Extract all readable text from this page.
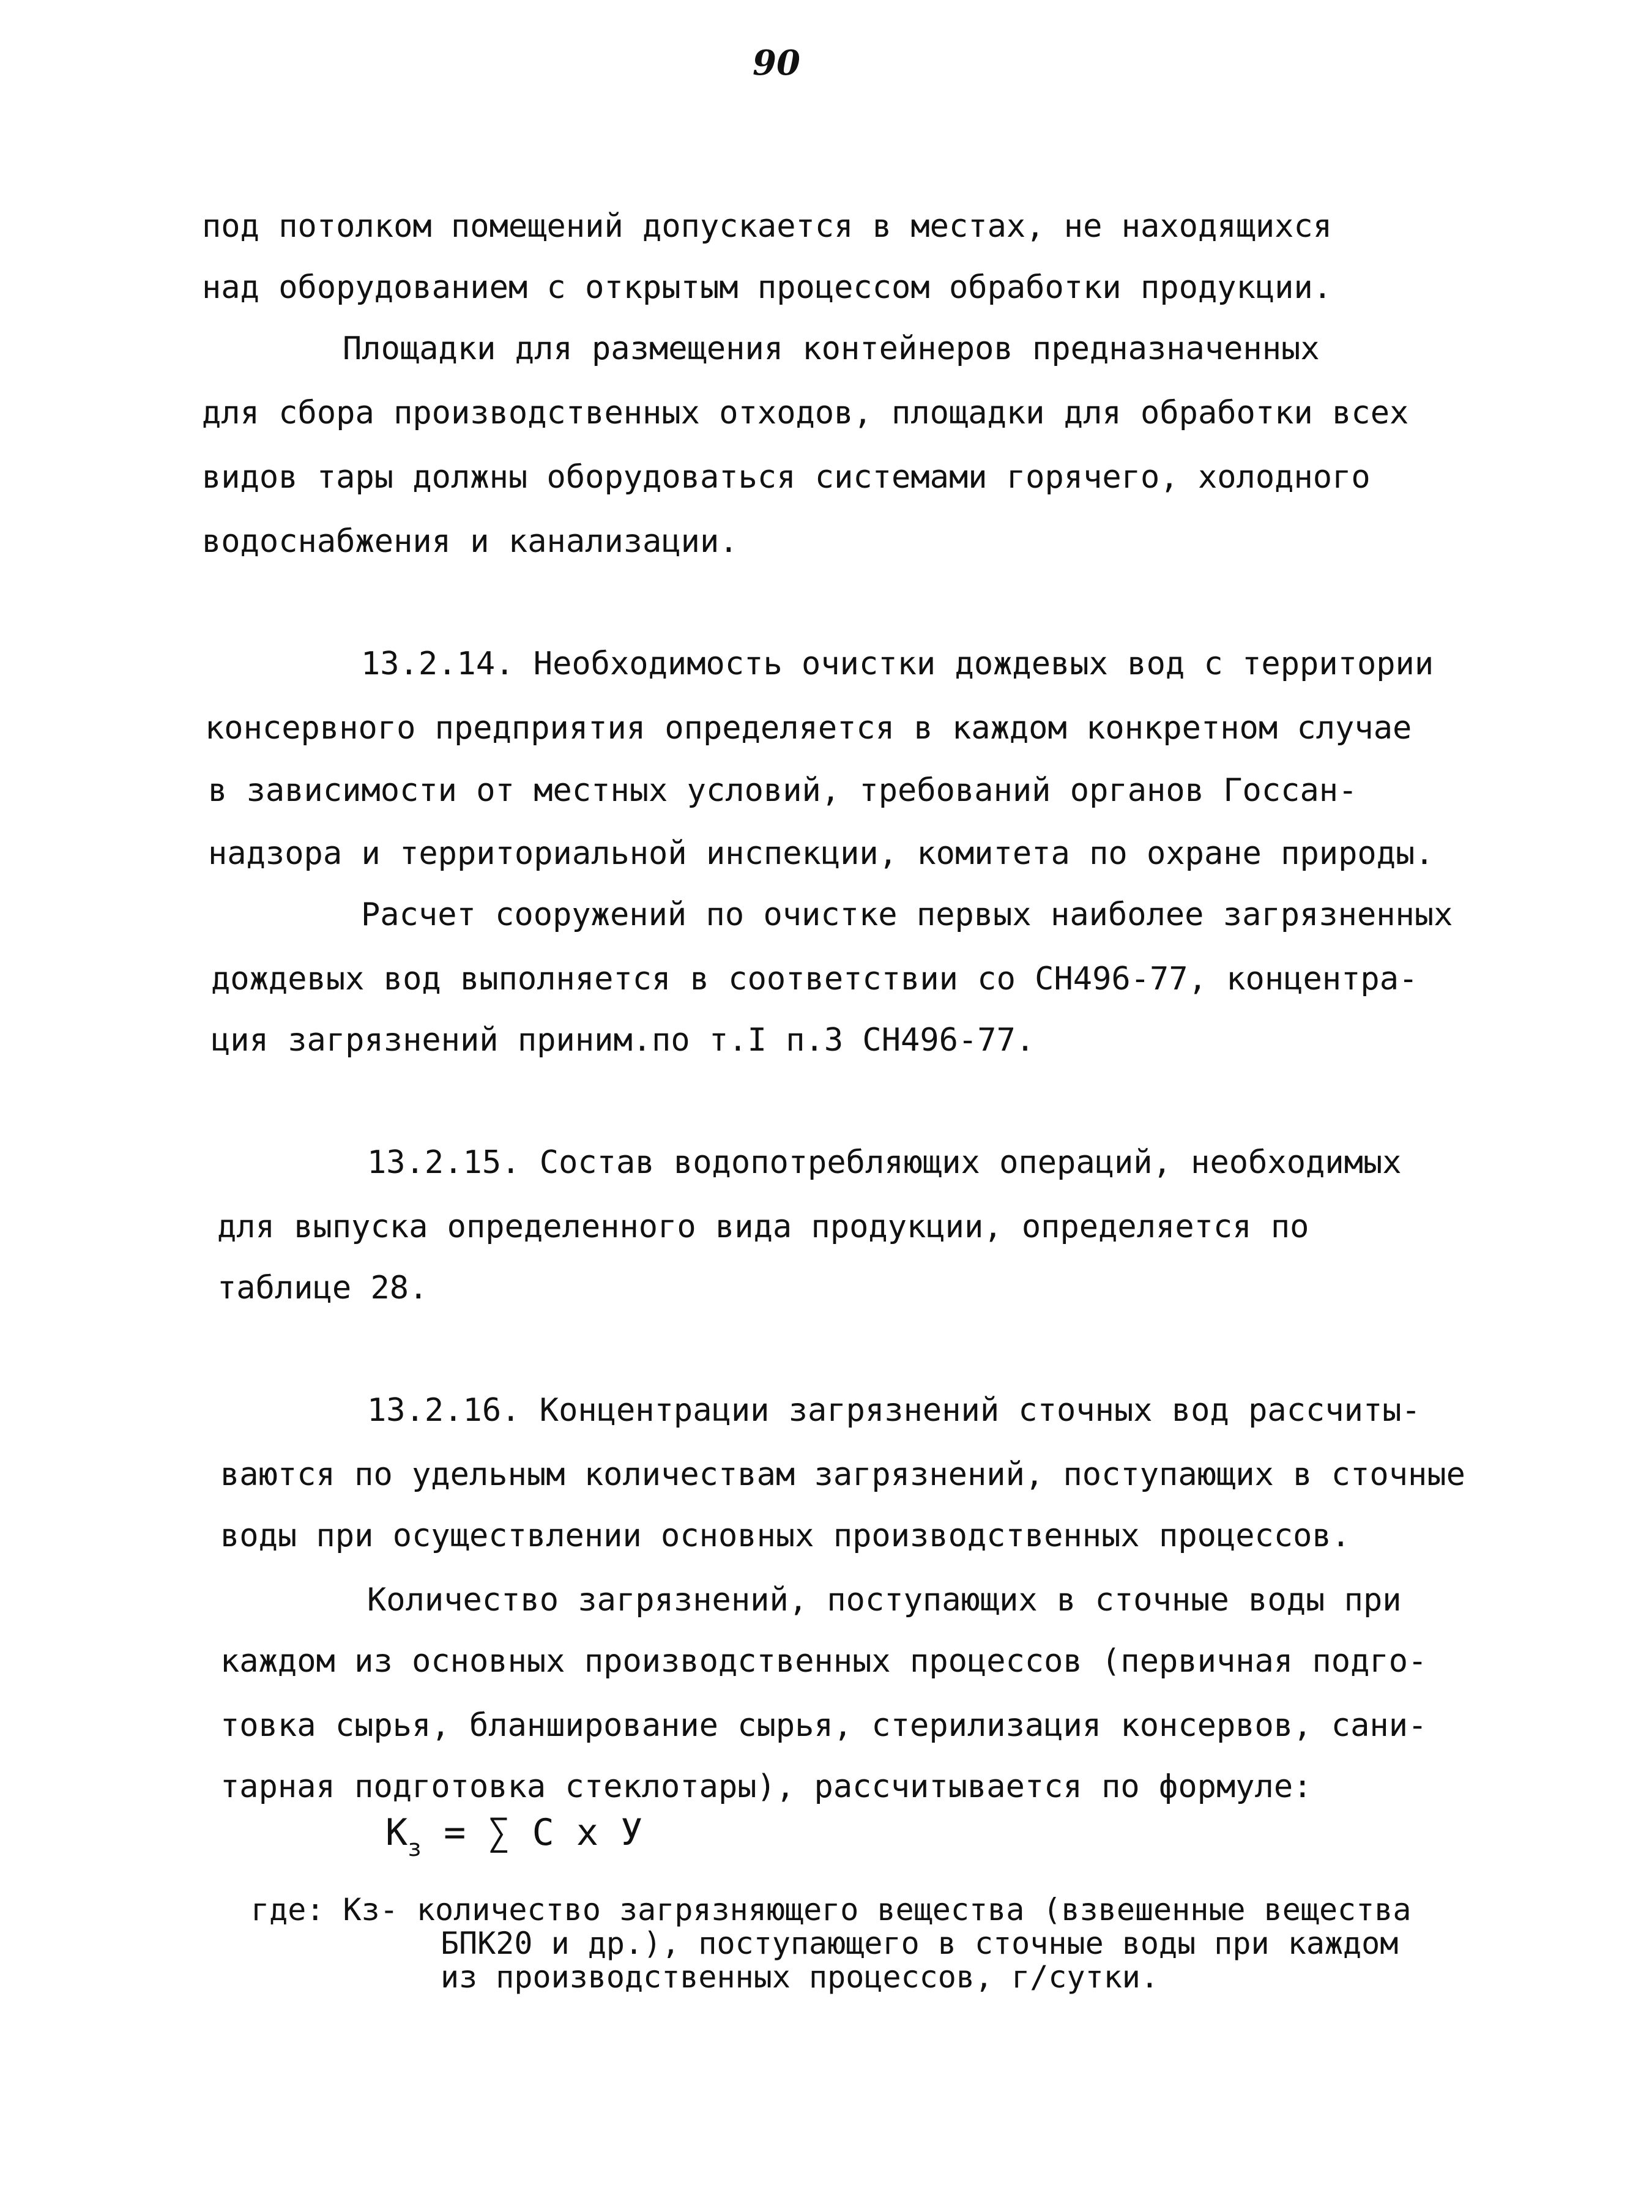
90
под потолком помещений допускается в местах, не находящихся
над оборудованием с открытым процессом обработки продукции.
Площадки для размещения контейнеров предназначенных
для сбора производственных отходов, площадки для обработки всех
видов тары должны оборудоваться системами горячего, холодного
водоснабжения и канализации.
13.2.14. Необходимость очистки дождевых вод с территории
консервного предприятия определяется в каждом конкретном случае
в зависимости от местных условий, требований органов Госсан-
надзора и территориальной инспекции, комитета по охране природы.
Расчет сооружений по очистке первых наиболее загрязненных
дождевых вод выполняется в соответствии со СН496-77, концентра-
ция загрязнений приним.по т.I п.3 СН496-77.
13.2.15. Состав водопотребляющих операций, необходимых
для выпуска определенного вида продукции, определяется по
таблице 28.
13.2.16. Концентрации загрязнений сточных вод рассчиты-
ваются по удельным количествам загрязнений, поступающих в сточные
воды при осуществлении основных производственных процессов.
Количество загрязнений, поступающих в сточные воды при
каждом из основных производственных процессов (первичная подго-
товка сырья, бланширование сырья, стерилизация консервов, сани-
тарная подготовка стеклотары), рассчитывается по формуле:
$К_з$ = ∑ С х У
где: Кз- количество загрязняющего вещества (взвешенные вещества
БПК20 и др.), поступающего в сточные воды при каждом
из производственных процессов, г/сутки.
